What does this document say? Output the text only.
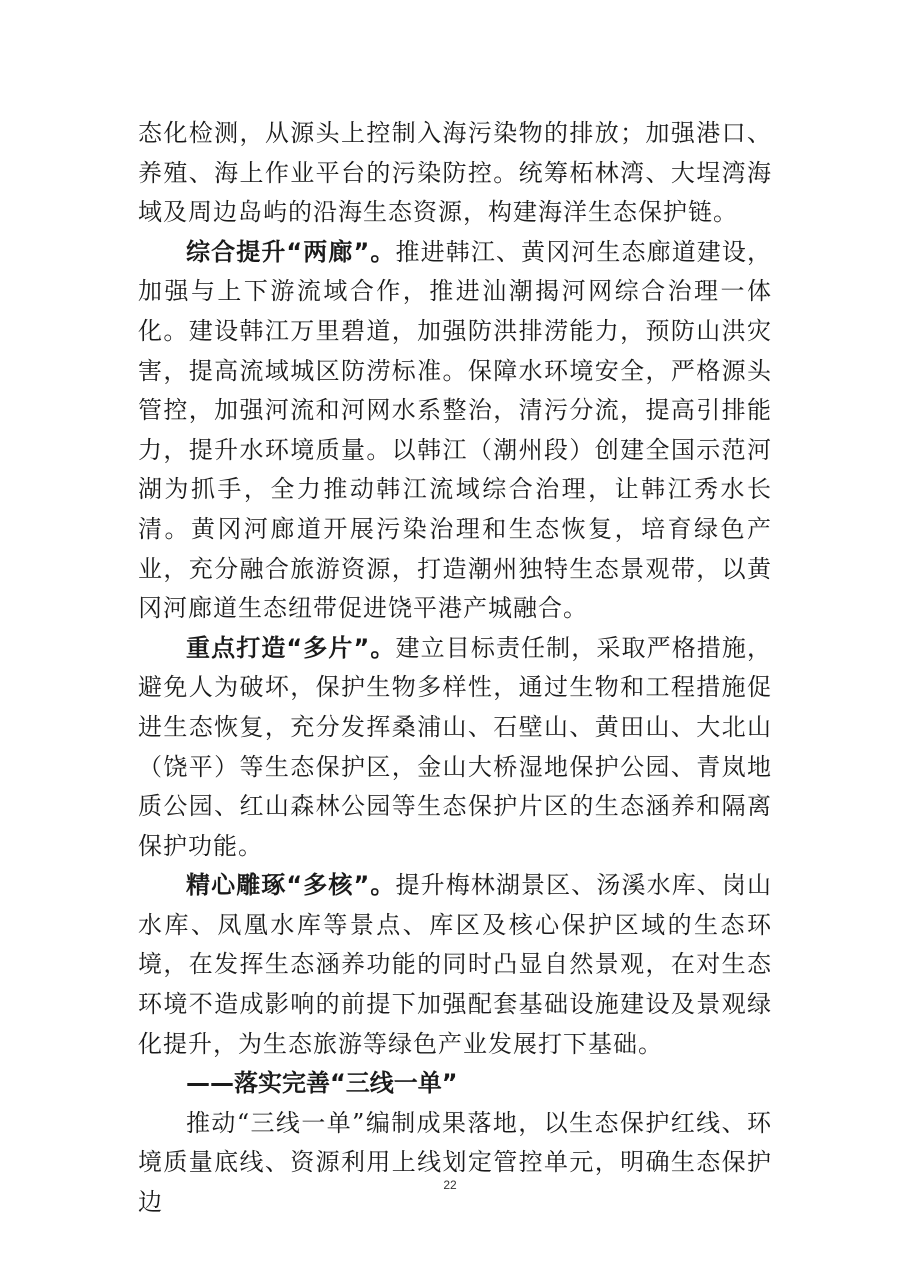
态化检测，从源头上控制入海污染物的排放；加强港口、养殖、海上作业平台的污染防控。统筹柘林湾、大埕湾海域及周边岛屿的沿海生态资源，构建海洋生态保护链。

综合提升“两廊”。推进韩江、黄冈河生态廊道建设，加强与上下游流域合作，推进汕潮揭河网综合治理一体化。建设韩江万里碧道，加强防洪排涝能力，预防山洪灾害，提高流域城区防涝标准。保障水环境安全，严格源头管控，加强河流和河网水系整治，清污分流，提高引排能力，提升水环境质量。以韩江（潮州段）创建全国示范河湖为抓手，全力推动韩江流域综合治理，让韩江秀水长清。黄冈河廊道开展污染治理和生态恢复，培育绿色产业，充分融合旅游资源，打造潮州独特生态景观带，以黄冈河廊道生态纽带促进饶平港产城融合。

重点打造“多片”。建立目标责任制，采取严格措施，避免人为破坏，保护生物多样性，通过生物和工程措施促进生态恢复，充分发挥桑浦山、石壁山、黄田山、大北山（饶平）等生态保护区，金山大桥湿地保护公园、青岚地质公园、红山森林公园等生态保护片区的生态涵养和隔离保护功能。

精心雕琢“多核”。提升梅林湖景区、汤溪水库、岗山水库、凤凰水库等景点、库区及核心保护区域的生态环境，在发挥生态涵养功能的同时凸显自然景观，在对生态环境不造成影响的前提下加强配套基础设施建设及景观绿化提升，为生态旅游等绿色产业发展打下基础。

——落实完善“三线一单”

推动“三线一单”编制成果落地，以生态保护红线、环境质量底线、资源利用上线划定管控单元，明确生态保护边

22
